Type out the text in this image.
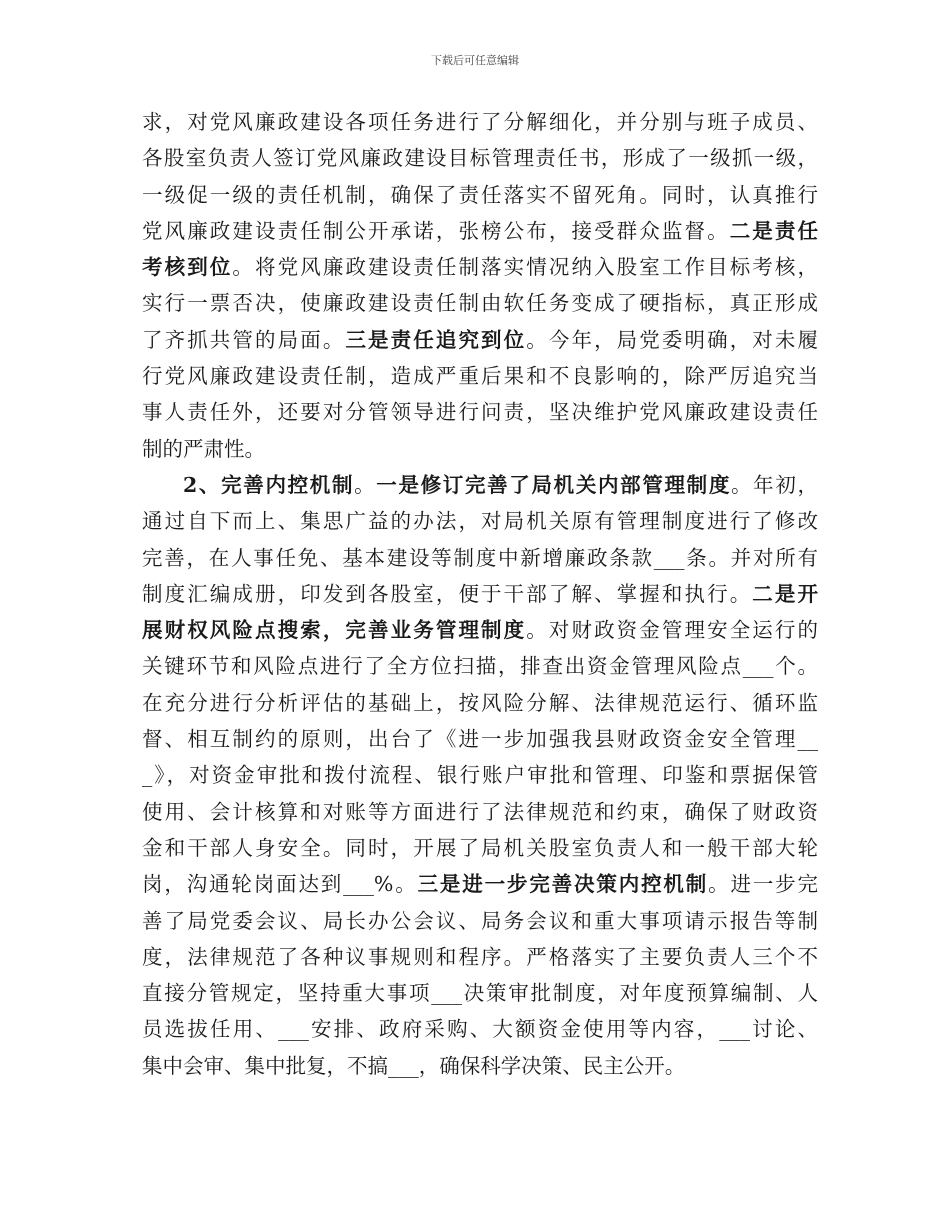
下载后可任意编辑
求，对党风廉政建设各项任务进行了分解细化，并分别与班子成员、
各股室负责人签订党风廉政建设目标管理责任书，形成了一级抓一级，
一级促一级的责任机制，确保了责任落实不留死角。同时，认真推行
党风廉政建设责任制公开承诺，张榜公布，接受群众监督。二是责任
考核到位。将党风廉政建设责任制落实情况纳入股室工作目标考核，
实行一票否决，使廉政建设责任制由软任务变成了硬指标，真正形成
了齐抓共管的局面。三是责任追究到位。今年，局党委明确，对未履
行党风廉政建设责任制，造成严重后果和不良影响的，除严厉追究当
事人责任外，还要对分管领导进行问责，坚决维护党风廉政建设责任
制的严肃性。
2、完善内控机制。一是修订完善了局机关内部管理制度。年初，
通过自下而上、集思广益的办法，对局机关原有管理制度进行了修改
完善，在人事任免、基本建设等制度中新增廉政条款___条。并对所有
制度汇编成册，印发到各股室，便于干部了解、掌握和执行。二是开
展财权风险点搜索，完善业务管理制度。对财政资金管理安全运行的
关键环节和风险点进行了全方位扫描，排查出资金管理风险点___个。
在充分进行分析评估的基础上，按风险分解、法律规范运行、循环监
督、相互制约的原则，出台了《进一步加强我县财政资金安全管理__
_》，对资金审批和拨付流程、银行账户审批和管理、印鉴和票据保管
使用、会计核算和对账等方面进行了法律规范和约束，确保了财政资
金和干部人身安全。同时，开展了局机关股室负责人和一般干部大轮
岗，沟通轮岗面达到___%。三是进一步完善决策内控机制。进一步完
善了局党委会议、局长办公会议、局务会议和重大事项请示报告等制
度，法律规范了各种议事规则和程序。严格落实了主要负责人三个不
直接分管规定，坚持重大事项___决策审批制度，对年度预算编制、人
员选拔任用、___安排、政府采购、大额资金使用等内容，___讨论、
集中会审、集中批复，不搞___，确保科学决策、民主公开。
